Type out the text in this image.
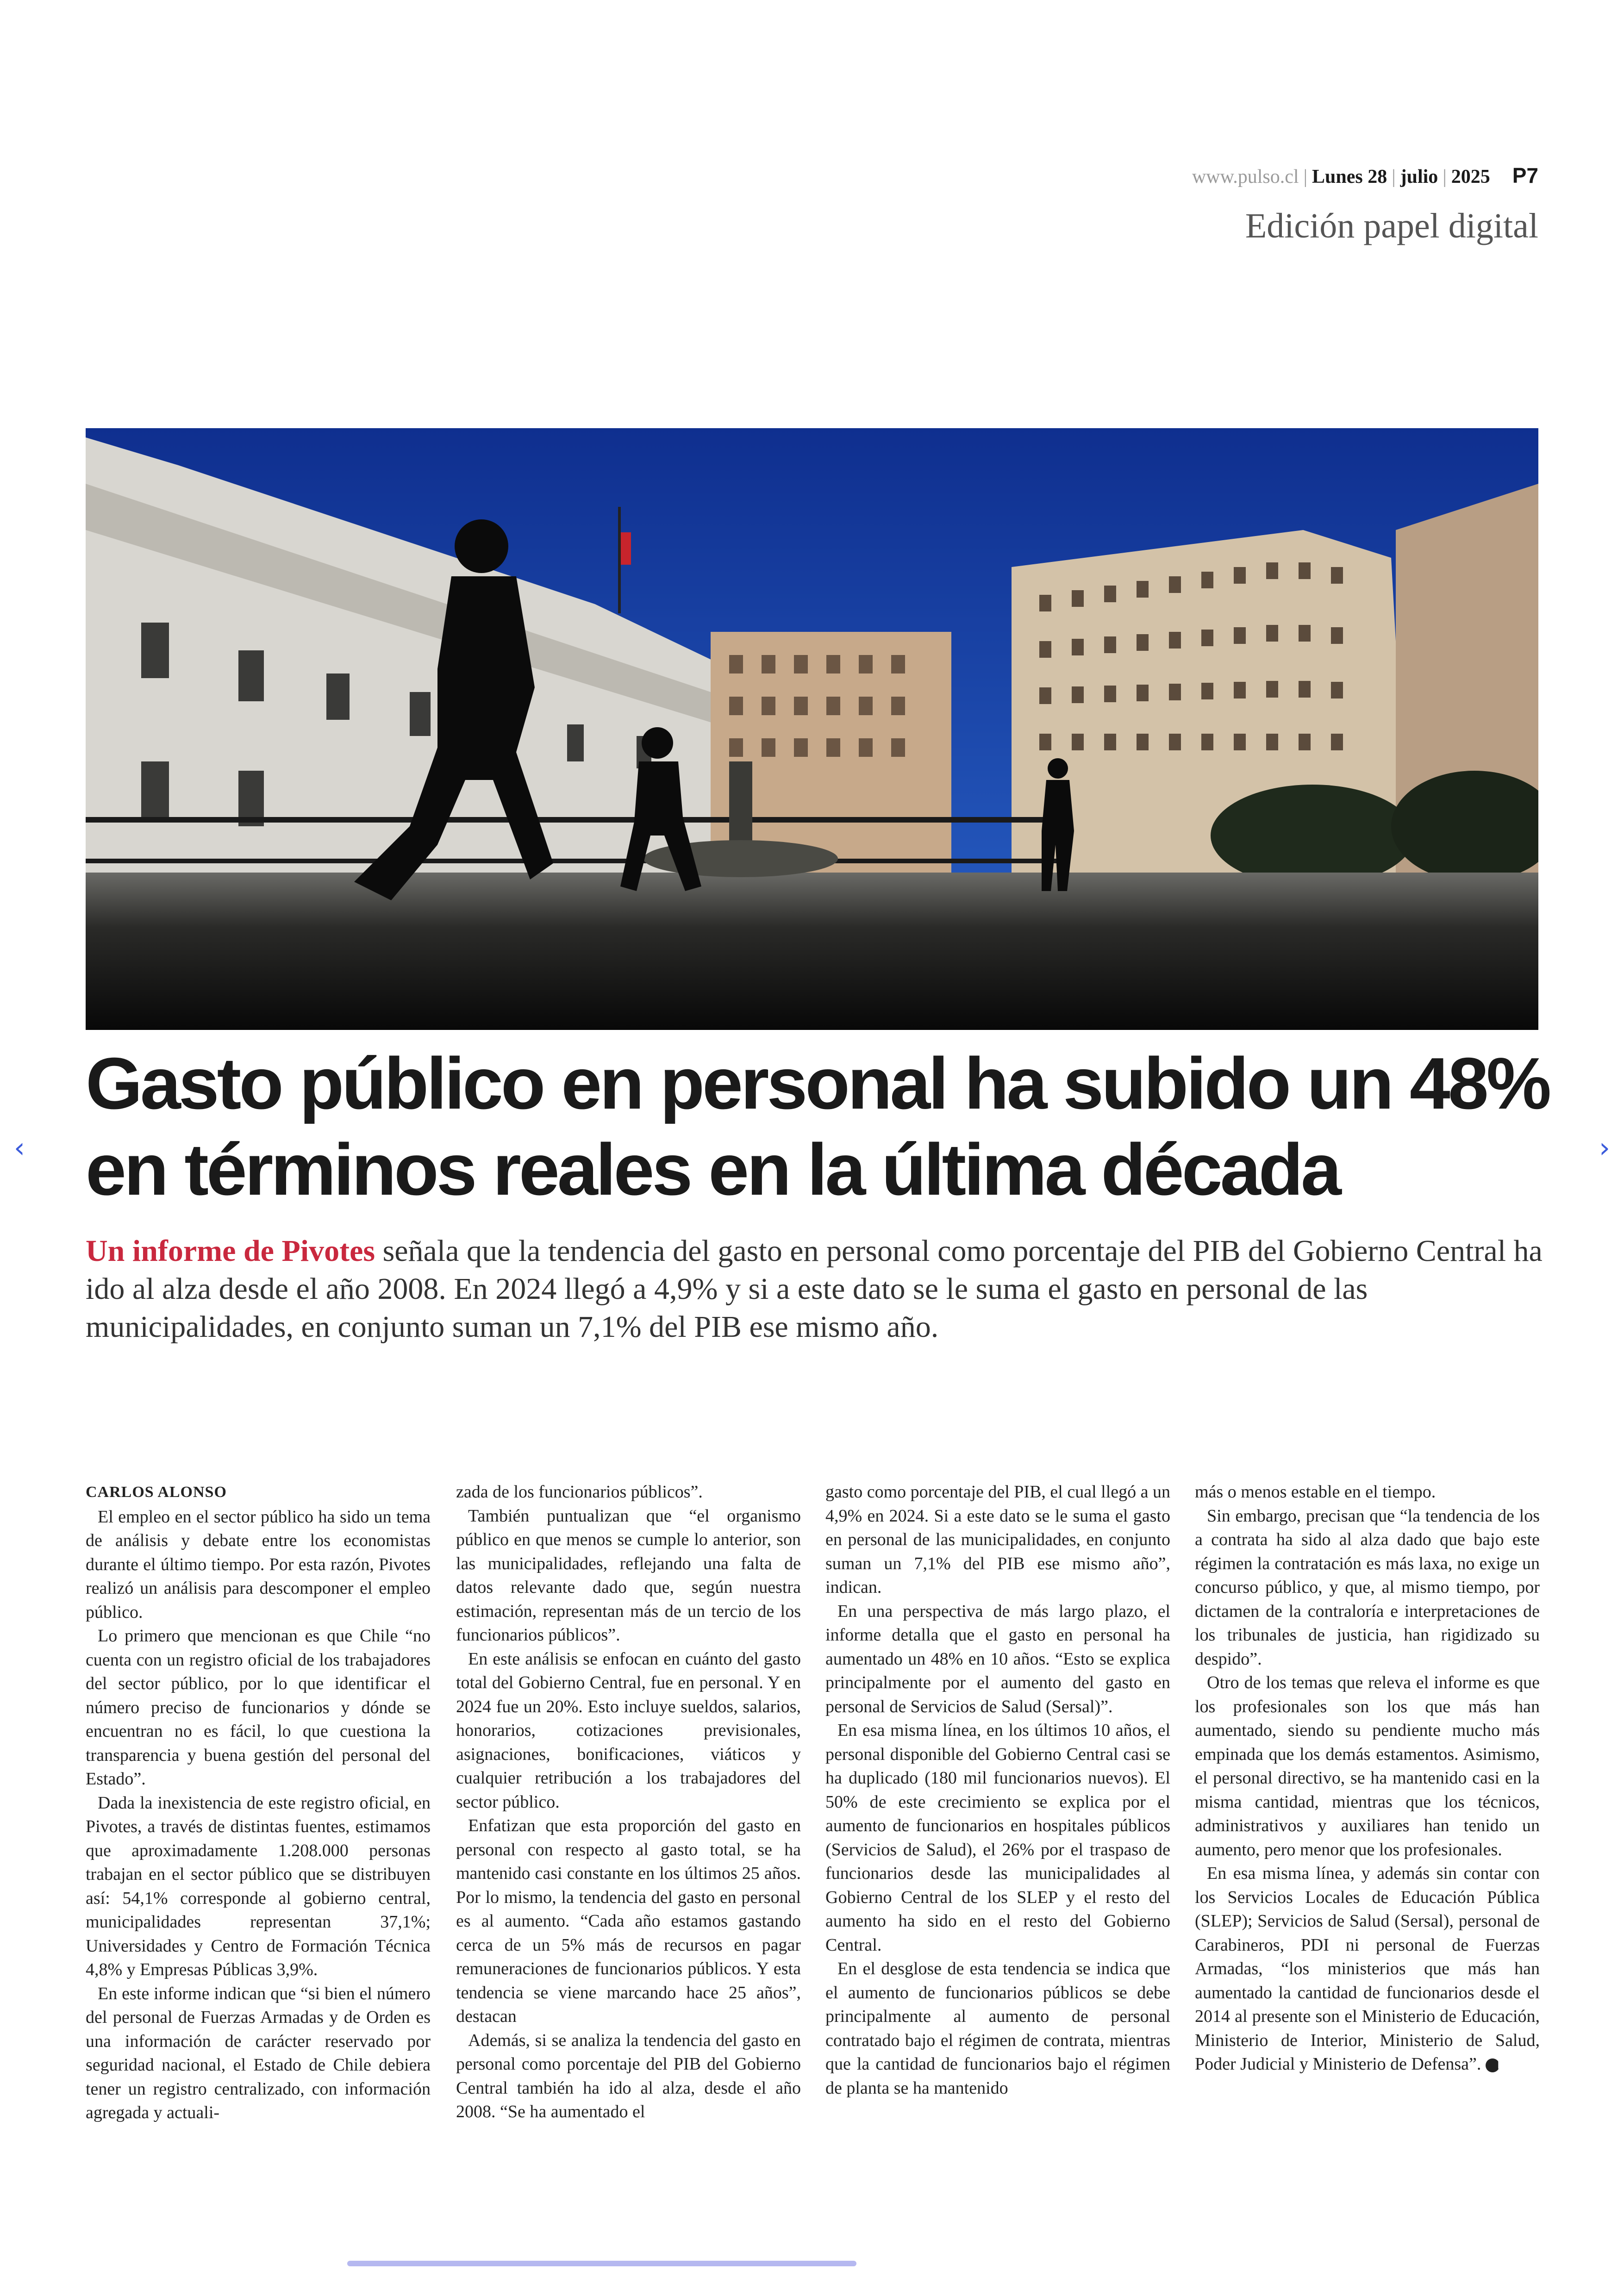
www.pulso.cl | Lunes 28 | julio | 2025 P7
Edición papel digital
Gasto público en personal ha subido un 48%
en términos reales en la última década
Un informe de Pivotes señala que la tendencia del gasto en personal como porcentaje del PIB del Gobierno Central ha ido al alza desde el año 2008. En 2024 llegó a 4,9% y si a este dato se le suma el gasto en personal de las municipalidades, en conjunto suman un 7,1% del PIB ese mismo año.
‹	›
CARLOS ALONSO

El empleo en el sector público ha sido un tema de análisis y debate entre los economistas durante el último tiempo. Por esta razón, Pivotes realizó un análisis para descomponer el empleo público.

Lo primero que mencionan es que Chile “no cuenta con un registro oficial de los trabajadores del sector público, por lo que identificar el número preciso de funcionarios y dónde se encuentran no es fácil, lo que cuestiona la transparencia y buena gestión del personal del Estado”.

Dada la inexistencia de este registro oficial, en Pivotes, a través de distintas fuentes, estimamos que aproximadamente 1.208.000 personas trabajan en el sector público que se distribuyen así: 54,1% corresponde al gobierno central, municipalidades representan 37,1%; Universidades y Centro de Formación Técnica 4,8% y Empresas Públicas 3,9%.

En este informe indican que “si bien el número del personal de Fuerzas Armadas y de Orden es una información de carácter reservado por seguridad nacional, el Estado de Chile debiera tener un registro centralizado, con información agregada y actuali-

zada de los funcionarios públicos”.

También puntualizan que “el organismo público en que menos se cumple lo anterior, son las municipalidades, reflejando una falta de datos relevante dado que, según nuestra estimación, representan más de un tercio de los funcionarios públicos”.

En este análisis se enfocan en cuánto del gasto total del Gobierno Central, fue en personal. Y en 2024 fue un 20%. Esto incluye sueldos, salarios, honorarios, cotizaciones previsionales, asignaciones, bonificaciones, viáticos y cualquier retribución a los trabajadores del sector público.

Enfatizan que esta proporción del gasto en personal con respecto al gasto total, se ha mantenido casi constante en los últimos 25 años. Por lo mismo, la tendencia del gasto en personal es al aumento. “Cada año estamos gastando cerca de un 5% más de recursos en pagar remuneraciones de funcionarios públicos. Y esta tendencia se viene marcando hace 25 años”, destacan

Además, si se analiza la tendencia del gasto en personal como porcentaje del PIB del Gobierno Central también ha ido al alza, desde el año 2008. “Se ha aumentado el

gasto como porcentaje del PIB, el cual llegó a un 4,9% en 2024. Si a este dato se le suma el gasto en personal de las municipalidades, en conjunto suman un 7,1% del PIB ese mismo año”, indican.

En una perspectiva de más largo plazo, el informe detalla que el gasto en personal ha aumentado un 48% en 10 años. “Esto se explica principalmente por el aumento del gasto en personal de Servicios de Salud (Sersal)”.

En esa misma línea, en los últimos 10 años, el personal disponible del Gobierno Central casi se ha duplicado (180 mil funcionarios nuevos). El 50% de este crecimiento se explica por el aumento de funcionarios en hospitales públicos (Servicios de Salud), el 26% por el traspaso de funcionarios desde las municipalidades al Gobierno Central de los SLEP y el resto del aumento ha sido en el resto del Gobierno Central.

En el desglose de esta tendencia se indica que el aumento de funcionarios públicos se debe principalmente al aumento de personal contratado bajo el régimen de contrata, mientras que la cantidad de funcionarios bajo el régimen de planta se ha mantenido

más o menos estable en el tiempo.

Sin embargo, precisan que “la tendencia de los a contrata ha sido al alza dado que bajo este régimen la contratación es más laxa, no exige un concurso público, y que, al mismo tiempo, por dictamen de la contraloría e interpretaciones de los tribunales de justicia, han rigidizado su despido”.

Otro de los temas que releva el informe es que los profesionales son los que más han aumentado, siendo su pendiente mucho más empinada que los demás estamentos. Asimismo, el personal directivo, se ha mantenido casi en la misma cantidad, mientras que los técnicos, administrativos y auxiliares han tenido un aumento, pero menor que los profesionales.

En esa misma línea, y además sin contar con los Servicios Locales de Educación Pública (SLEP); Servicios de Salud (Sersal), personal de Carabineros, PDI ni personal de Fuerzas Armadas, “los ministerios que más han aumentado la cantidad de funcionarios desde el 2014 al presente son el Ministerio de Educación, Ministerio de Interior, Ministerio de Salud, Poder Judicial y Ministerio de Defensa”. P
